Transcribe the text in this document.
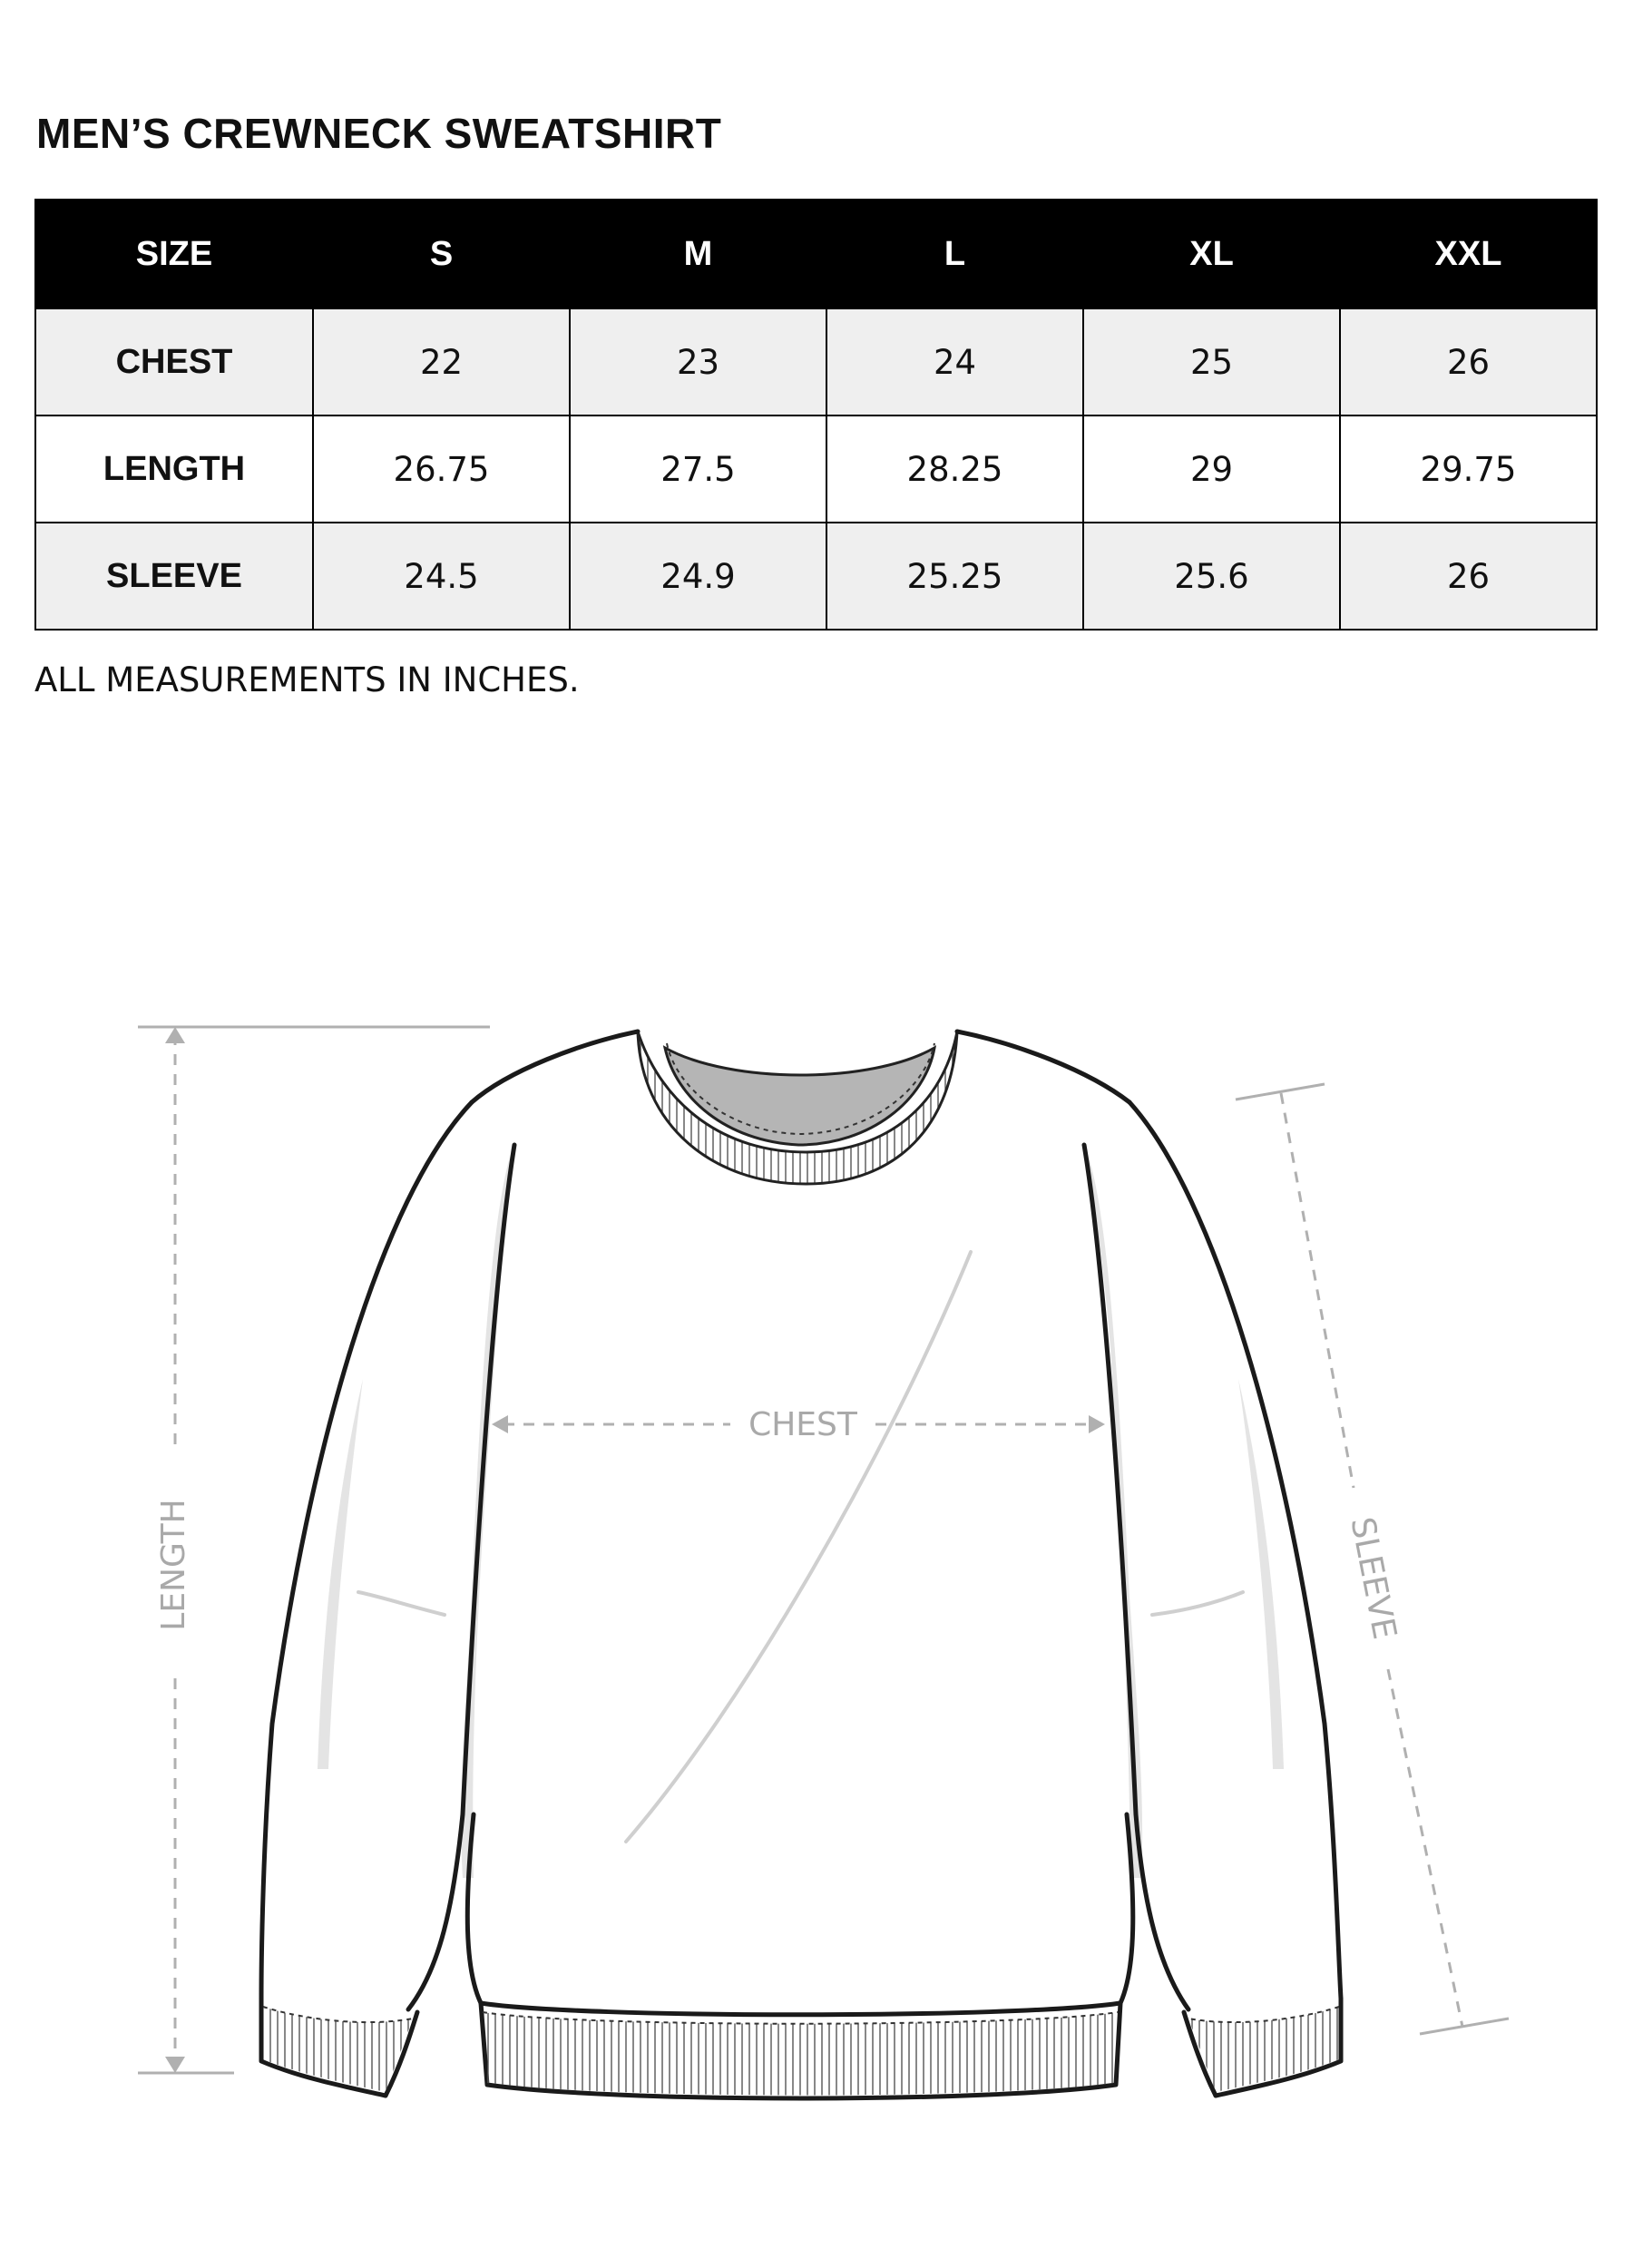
MEN’S CREWNECK SWEATSHIRT
SIZE	S	M	L	XL	XXL
CHEST	22	23	24	25	26
LENGTH	26.75	27.5	28.25	29	29.75
SLEEVE	24.5	24.9	25.25	25.6	26
ALL MEASUREMENTS IN INCHES.
LENGTH
CHEST
SLEEVE
